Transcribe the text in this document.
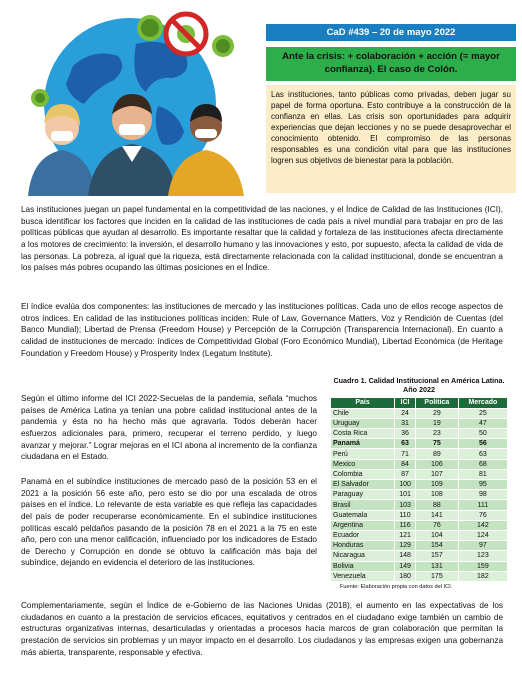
CaD #439 – 20 de mayo 2022
Ante la crisis: + colaboración + acción (= mayor confianza). El caso de Colón.
Las instituciones, tanto públicas como privadas, deben jugar su papel de forma oportuna. Esto contribuye a la construcción de la confianza en ellas. Las crisis son oportunidades para adquirir experiencias que dejan lecciones y no se puede desaprovechar el conocimiento obtenido. El compromiso de las personas responsables es una condición vital para que las instituciones logren sus objetivos de bienestar para la población.

Las instituciones juegan un papel fundamental en la competitividad de las naciones, y el Índice de Calidad de las Instituciones (ICI), busca identificar los factores que inciden en la calidad de las instituciones de cada país a nivel mundial para trabajar en pro de las políticas públicas que ayudan al desarrollo. Es importante resaltar que la calidad y fortaleza de las instituciones afecta directamente a los motores de crecimiento: la inversión, el desarrollo humano y las innovaciones y esto, por supuesto, afecta la calidad de vida de las personas. La pobreza, al igual que la riqueza, está directamente relacionada con la calidad institucional, donde se encuentran a los países más pobres ocupando las últimas posiciones en el Índice.

El índice evalúa dos componentes: las instituciones de mercado y las instituciones políticas. Cada uno de ellos recoge aspectos de otros índices. En calidad de las instituciones políticas inciden: Rule of Law, Governance Matters, Voz y Rendición de Cuentas (del Banco Mundial); Libertad de Prensa (Freedom House) y Percepción de la Corrupción (Transparencia Internacional). En cuanto a calidad de instituciones de mercado: índices de Competitividad Global (Foro Económico Mundial), Libertad Económica (de Heritage Foundation y Freedom House) y Prosperity Index (Legatum Institute).

Según el último informe del ICI 2022-Secuelas de la pandemia, señala “muchos países de América Latina ya tenían una pobre calidad institucional antes de la pandemia y ésta no ha hecho más que agravarla. Todos deberán hacer esfuerzos adicionales para, primero, recuperar el terreno perdido, y luego avanzar y mejorar.” Lograr mejoras en el ICI abona al incremento de la confianza ciudadana en el Estado.

Panamá en el subíndice instituciones de mercado pasó de la posición 53 en el 2021 a la posición 56 este año, pero esto se dio por una escalada de otros países en el índice. Lo relevante de esta variable es que refleja las capacidades del país de poder recuperarse económicamente. En el subíndice instituciones políticas escaló peldaños pasando de la posición 78 en el 2021 a la 75 en este año, pero con una menor calificación, influenciado por los indicadores de Estado de Derecho y Corrupción en donde se obtuvo la calificación más baja del subíndice, dejando en evidencia el deterioro de las instituciones.

Complementariamente, según el Índice de e-Gobierno de las Naciones Unidas (2018), el aumento en las expectativas de los ciudadanos en cuanto a la prestación de servicios eficaces, equitativos y centrados en el ciudadano exige también un cambio de estructuras organizativas internas, desarticuladas y orientadas a procesos hacia marcos de gran colaboración que permitan la prestación de servicios sin problemas y un mayor impacto en el desarrollo. Los ciudadanos y las empresas exigen una gobernanza más abierta, transparente, responsable y efectiva.

Cuadro 1. Calidad Institucional en América Latina. Año 2022
País	ICI	Política	Mercado
Chile	24	29	25
Uruguay	31	19	47
Costa Rica	36	23	50
Panamá	63	75	56
Perú	71	89	63
Mexico	84	106	68
Colombia	87	107	81
El Salvador	100	109	95
Paraguay	101	108	98
Brasil	103	88	111
Guatemala	110	141	76
Argentina	116	76	142
Ecuador	121	104	124
Honduras	129	154	97
Nicaragua	148	157	123
Bolivia	149	131	159
Venezuela	180	175	182
Fuente: Elaboración propia con datos del ICI.
